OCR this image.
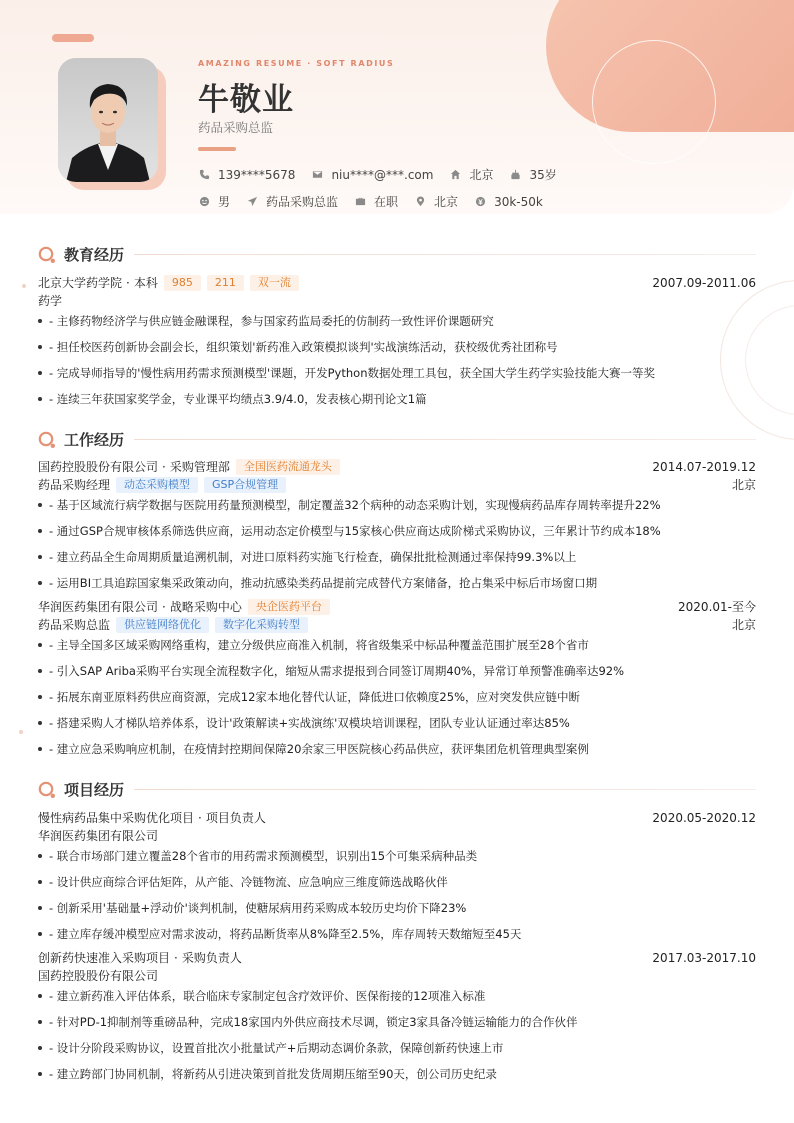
AMAZING RESUME · SOFT RADIUS
牛敬业
药品采购总监
139****5678	niu****@***.com	北京	35岁
男	药品采购总监	在职	北京	30k-50k
教育经历
北京大学药学院 · 本科	985	211	双一流	2007.09-2011.06
药学
- 主修药物经济学与供应链金融课程，参与国家药监局委托的仿制药一致性评价课题研究
- 担任校医药创新协会副会长，组织策划'新药准入政策模拟谈判'实战演练活动，获校级优秀社团称号
- 完成导师指导的'慢性病用药需求预测模型'课题，开发Python数据处理工具包，获全国大学生药学实验技能大赛一等奖
- 连续三年获国家奖学金，专业课平均绩点3.9/4.0，发表核心期刊论文1篇
工作经历
国药控股股份有限公司 · 采购管理部	全国医药流通龙头	2014.07-2019.12
药品采购经理	动态采购模型	GSP合规管理	北京
- 基于区域流行病学数据与医院用药量预测模型，制定覆盖32个病种的动态采购计划，实现慢病药品库存周转率提升22%
- 通过GSP合规审核体系筛选供应商，运用动态定价模型与15家核心供应商达成阶梯式采购协议，三年累计节约成本18%
- 建立药品全生命周期质量追溯机制，对进口原料药实施飞行检查，确保批批检测通过率保持99.3%以上
- 运用BI工具追踪国家集采政策动向，推动抗感染类药品提前完成替代方案储备，抢占集采中标后市场窗口期
华润医药集团有限公司 · 战略采购中心	央企医药平台	2020.01-至今
药品采购总监	供应链网络优化	数字化采购转型	北京
- 主导全国多区域采购网络重构，建立分级供应商准入机制，将省级集采中标品种覆盖范围扩展至28个省市
- 引入SAP Ariba采购平台实现全流程数字化，缩短从需求提报到合同签订周期40%，异常订单预警准确率达92%
- 拓展东南亚原料药供应商资源，完成12家本地化替代认证，降低进口依赖度25%，应对突发供应链中断
- 搭建采购人才梯队培养体系，设计'政策解读+实战演练'双模块培训课程，团队专业认证通过率达85%
- 建立应急采购响应机制，在疫情封控期间保障20余家三甲医院核心药品供应，获评集团危机管理典型案例
项目经历
慢性病药品集中采购优化项目 · 项目负责人	2020.05-2020.12
华润医药集团有限公司
- 联合市场部门建立覆盖28个省市的用药需求预测模型，识别出15个可集采病种品类
- 设计供应商综合评估矩阵，从产能、冷链物流、应急响应三维度筛选战略伙伴
- 创新采用'基础量+浮动价'谈判机制，使糖尿病用药采购成本较历史均价下降23%
- 建立库存缓冲模型应对需求波动，将药品断货率从8%降至2.5%，库存周转天数缩短至45天
创新药快速准入采购项目 · 采购负责人	2017.03-2017.10
国药控股股份有限公司
- 建立新药准入评估体系，联合临床专家制定包含疗效评价、医保衔接的12项准入标准
- 针对PD-1抑制剂等重磅品种，完成18家国内外供应商技术尽调，锁定3家具备冷链运输能力的合作伙伴
- 设计分阶段采购协议，设置首批次小批量试产+后期动态调价条款，保障创新药快速上市
- 建立跨部门协同机制，将新药从引进决策到首批发货周期压缩至90天，创公司历史纪录
